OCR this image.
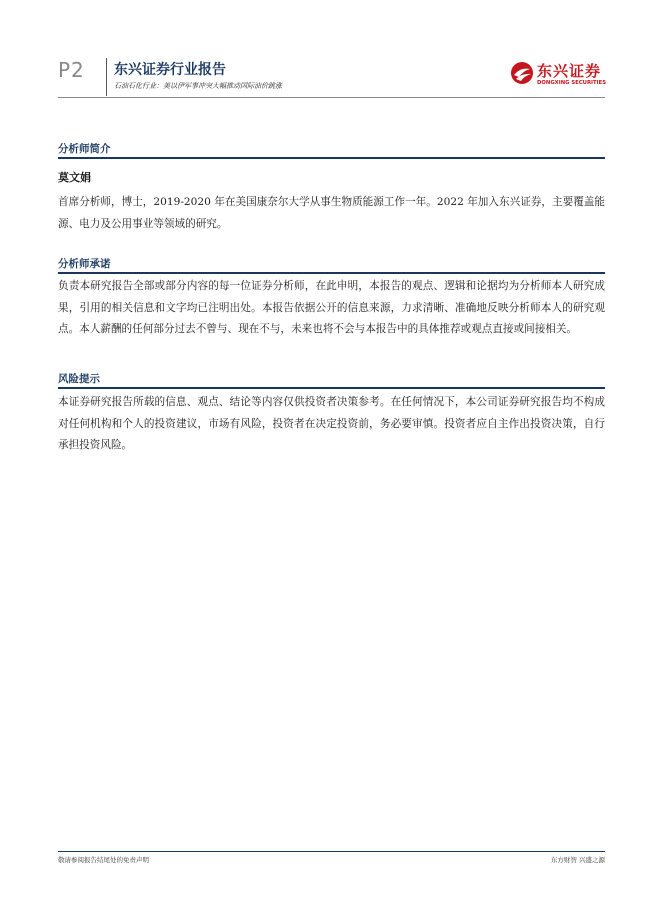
P2 东兴证券行业报告
石油石化行业：美以伊军事冲突大幅推动国际油价跳涨
东兴证券
DONGXING SECURITIES
分析师简介
莫文娟
首席分析师，博士，2019-2020 年在美国康奈尔大学从事生物质能源工作一年。2022 年加入东兴证券，主要覆盖能源、电力及公用事业等领域的研究。
分析师承诺
负责本研究报告全部或部分内容的每一位证券分析师，在此申明，本报告的观点、逻辑和论据均为分析师本人研究成果，引用的相关信息和文字均已注明出处。本报告依据公开的信息来源，力求清晰、准确地反映分析师本人的研究观点。本人薪酬的任何部分过去不曾与、现在不与，未来也将不会与本报告中的具体推荐或观点直接或间接相关。
风险提示
本证券研究报告所载的信息、观点、结论等内容仅供投资者决策参考。在任何情况下，本公司证券研究报告均不构成对任何机构和个人的投资建议，市场有风险，投资者在决定投资前，务必要审慎。投资者应自主作出投资决策，自行承担投资风险。
敬请参阅报告结尾处的免责声明	东方财智 兴盛之源
